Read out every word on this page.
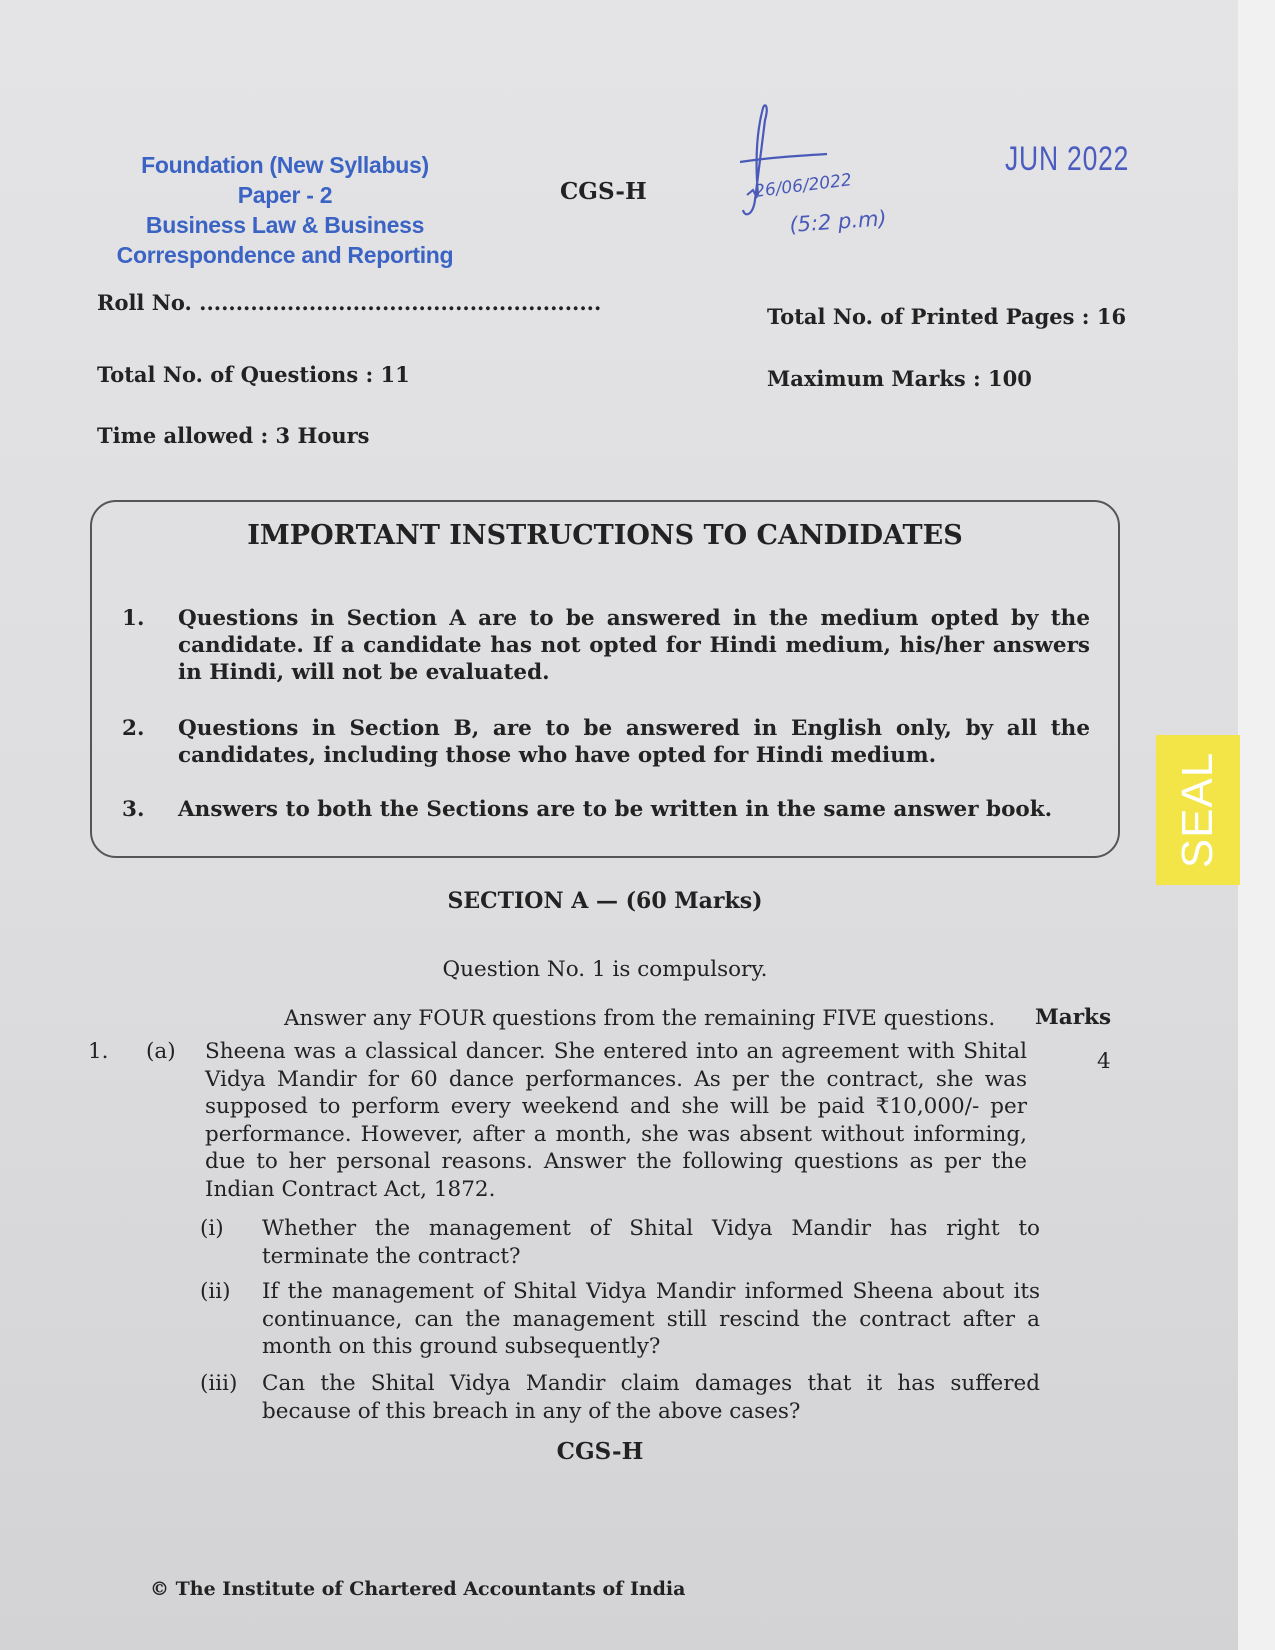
Foundation (New Syllabus)
Paper - 2
Business Law & Business
Correspondence and Reporting
CGS-H	26/06/2022
(5:2 p.m)
JUN 2022
Roll No. .......................................................
Total No. of Printed Pages : 16
Total No. of Questions : 11	Maximum Marks : 100
Time allowed : 3 Hours
IMPORTANT INSTRUCTIONS TO CANDIDATES
1. Questions in Section A are to be answered in the medium opted by the candidate. If a candidate has not opted for Hindi medium, his/her answers in Hindi, will not be evaluated.
2. Questions in Section B, are to be answered in English only, by all the candidates, including those who have opted for Hindi medium.
3. Answers to both the Sections are to be written in the same answer book.	SEAL
SECTION A — (60 Marks)
Question No. 1 is compulsory.
Answer any FOUR questions from the remaining FIVE questions. Marks
1. (a)	4
Sheena was a classical dancer. She entered into an agreement with Shital Vidya Mandir for 60 dance performances. As per the contract, she was supposed to perform every weekend and she will be paid ₹10,000/- per performance. However, after a month, she was absent without informing, due to her personal reasons. Answer the following questions as per the Indian Contract Act, 1872.
(i) Whether the management of Shital Vidya Mandir has right to terminate the contract?
(ii) If the management of Shital Vidya Mandir informed Sheena about its continuance, can the management still rescind the contract after a month on this ground subsequently?
(iii) Can the Shital Vidya Mandir claim damages that it has suffered because of this breach in any of the above cases?
CGS-H
© The Institute of Chartered Accountants of India
